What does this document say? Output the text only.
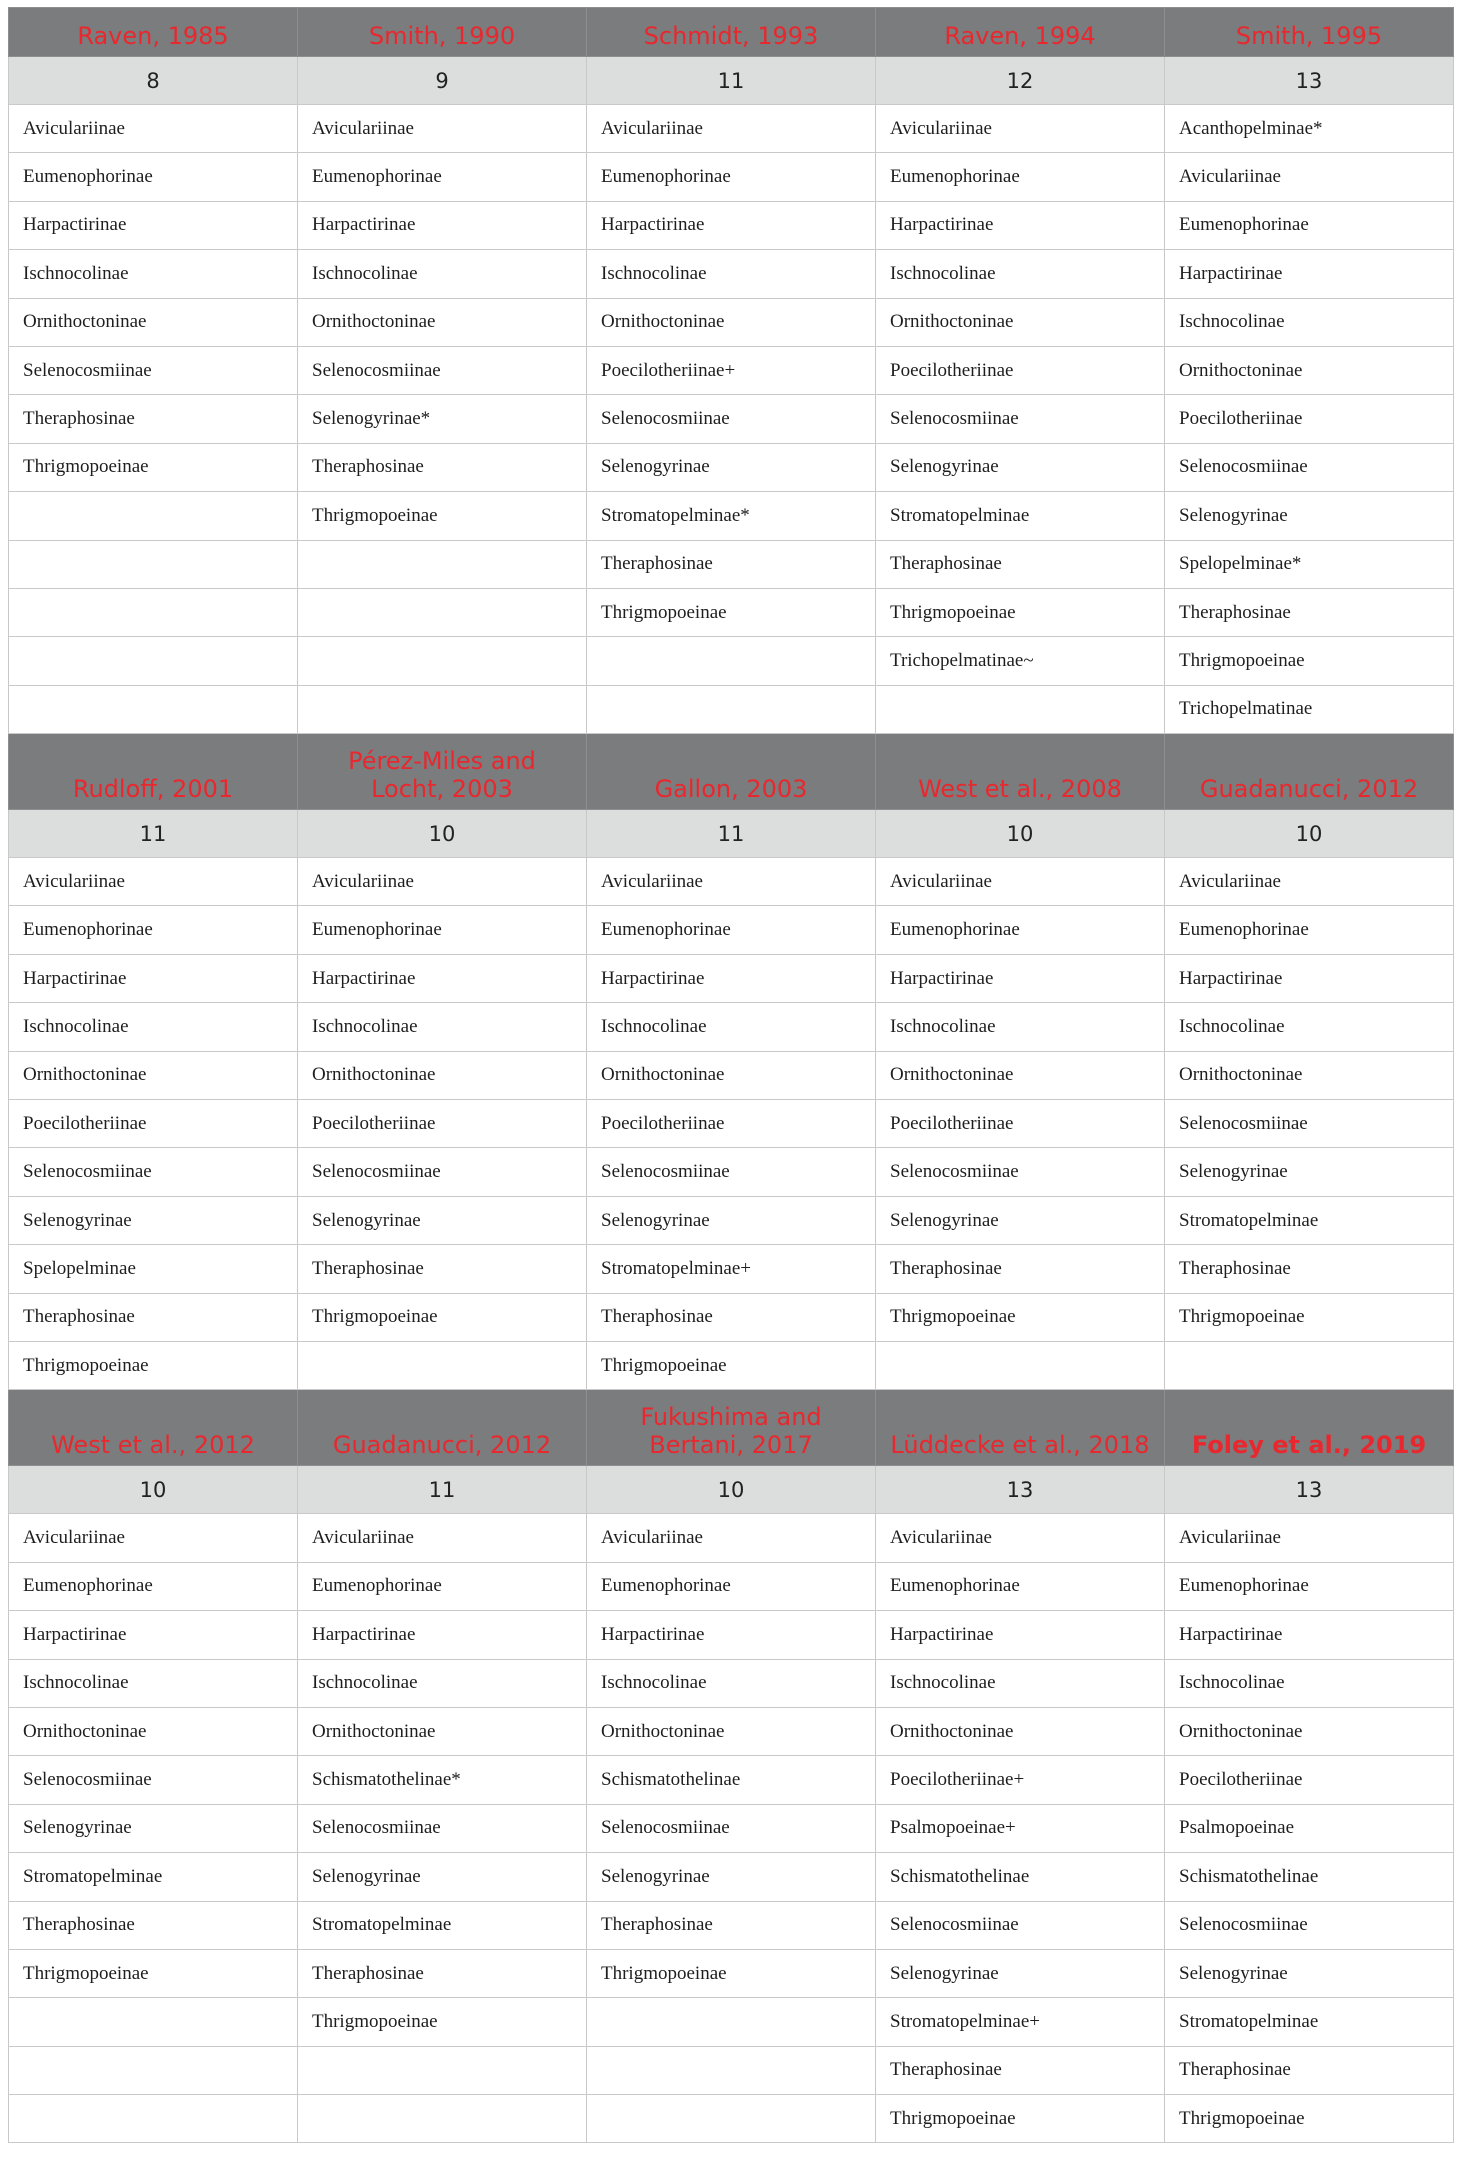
Raven, 1985	Smith, 1990	Schmidt, 1993	Raven, 1994	Smith, 1995
8	9	11	12	13
Aviculariinae	Aviculariinae	Aviculariinae	Aviculariinae	Acanthopelminae*
Eumenophorinae	Eumenophorinae	Eumenophorinae	Eumenophorinae	Aviculariinae
Harpactirinae	Harpactirinae	Harpactirinae	Harpactirinae	Eumenophorinae
Ischnocolinae	Ischnocolinae	Ischnocolinae	Ischnocolinae	Harpactirinae
Ornithoctoninae	Ornithoctoninae	Ornithoctoninae	Ornithoctoninae	Ischnocolinae
Selenocosmiinae	Selenocosmiinae	Poecilotheriinae+	Poecilotheriinae	Ornithoctoninae
Theraphosinae	Selenogyrinae*	Selenocosmiinae	Selenocosmiinae	Poecilotheriinae
Thrigmopoeinae	Theraphosinae	Selenogyrinae	Selenogyrinae	Selenocosmiinae
	Thrigmopoeinae	Stromatopelminae*	Stromatopelminae	Selenogyrinae
		Theraphosinae	Theraphosinae	Spelopelminae*
		Thrigmopoeinae	Thrigmopoeinae	Theraphosinae
			Trichopelmatinae~	Thrigmopoeinae
				Trichopelmatinae
Rudloff, 2001	Pérez-Miles and Locht, 2003	Gallon, 2003	West et al., 2008	Guadanucci, 2012
11	10	11	10	10
Aviculariinae	Aviculariinae	Aviculariinae	Aviculariinae	Aviculariinae
Eumenophorinae	Eumenophorinae	Eumenophorinae	Eumenophorinae	Eumenophorinae
Harpactirinae	Harpactirinae	Harpactirinae	Harpactirinae	Harpactirinae
Ischnocolinae	Ischnocolinae	Ischnocolinae	Ischnocolinae	Ischnocolinae
Ornithoctoninae	Ornithoctoninae	Ornithoctoninae	Ornithoctoninae	Ornithoctoninae
Poecilotheriinae	Poecilotheriinae	Poecilotheriinae	Poecilotheriinae	Selenocosmiinae
Selenocosmiinae	Selenocosmiinae	Selenocosmiinae	Selenocosmiinae	Selenogyrinae
Selenogyrinae	Selenogyrinae	Selenogyrinae	Selenogyrinae	Stromatopelminae
Spelopelminae	Theraphosinae	Stromatopelminae+	Theraphosinae	Theraphosinae
Theraphosinae	Thrigmopoeinae	Theraphosinae	Thrigmopoeinae	Thrigmopoeinae
Thrigmopoeinae		Thrigmopoeinae		
West et al., 2012	Guadanucci, 2012	Fukushima and Bertani, 2017	Lüddecke et al., 2018	Foley et al., 2019
10	11	10	13	13
Aviculariinae	Aviculariinae	Aviculariinae	Aviculariinae	Aviculariinae
Eumenophorinae	Eumenophorinae	Eumenophorinae	Eumenophorinae	Eumenophorinae
Harpactirinae	Harpactirinae	Harpactirinae	Harpactirinae	Harpactirinae
Ischnocolinae	Ischnocolinae	Ischnocolinae	Ischnocolinae	Ischnocolinae
Ornithoctoninae	Ornithoctoninae	Ornithoctoninae	Ornithoctoninae	Ornithoctoninae
Selenocosmiinae	Schismatothelinae*	Schismatothelinae	Poecilotheriinae+	Poecilotheriinae
Selenogyrinae	Selenocosmiinae	Selenocosmiinae	Psalmopoeinae+	Psalmopoeinae
Stromatopelminae	Selenogyrinae	Selenogyrinae	Schismatothelinae	Schismatothelinae
Theraphosinae	Stromatopelminae	Theraphosinae	Selenocosmiinae	Selenocosmiinae
Thrigmopoeinae	Theraphosinae	Thrigmopoeinae	Selenogyrinae	Selenogyrinae
	Thrigmopoeinae		Stromatopelminae+	Stromatopelminae
			Theraphosinae	Theraphosinae
			Thrigmopoeinae	Thrigmopoeinae
